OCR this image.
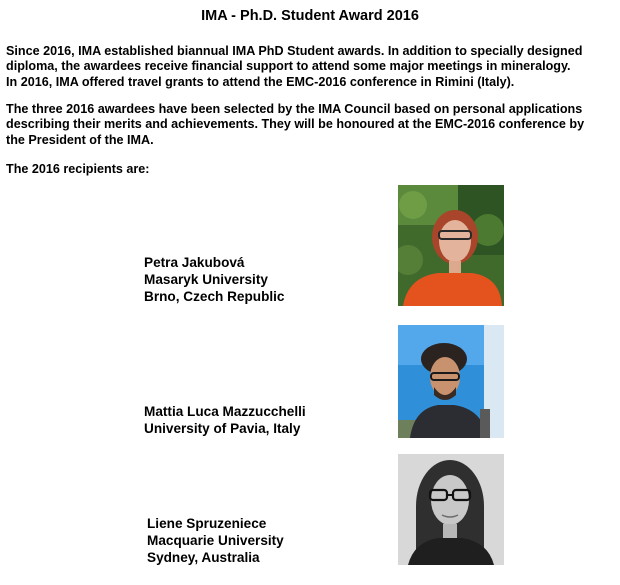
IMA - Ph.D. Student Award 2016

Since 2016, IMA established biannual IMA PhD Student awards. In addition to specially designed
diploma, the awardees receive financial support to attend some major meetings in mineralogy.
In 2016, IMA offered travel grants to attend the EMC-2016 conference in Rimini (Italy).

The three 2016 awardees have been selected by the IMA Council based on personal applications
describing their merits and achievements. They will be honoured at the EMC-2016 conference by
the President of the IMA.

The 2016 recipients are:

Petra Jakubová
Masaryk University
Brno, Czech Republic
Mattia Luca Mazzucchelli
University of Pavia, Italy
Liene Spruzeniece
Macquarie University
Sydney, Australia
